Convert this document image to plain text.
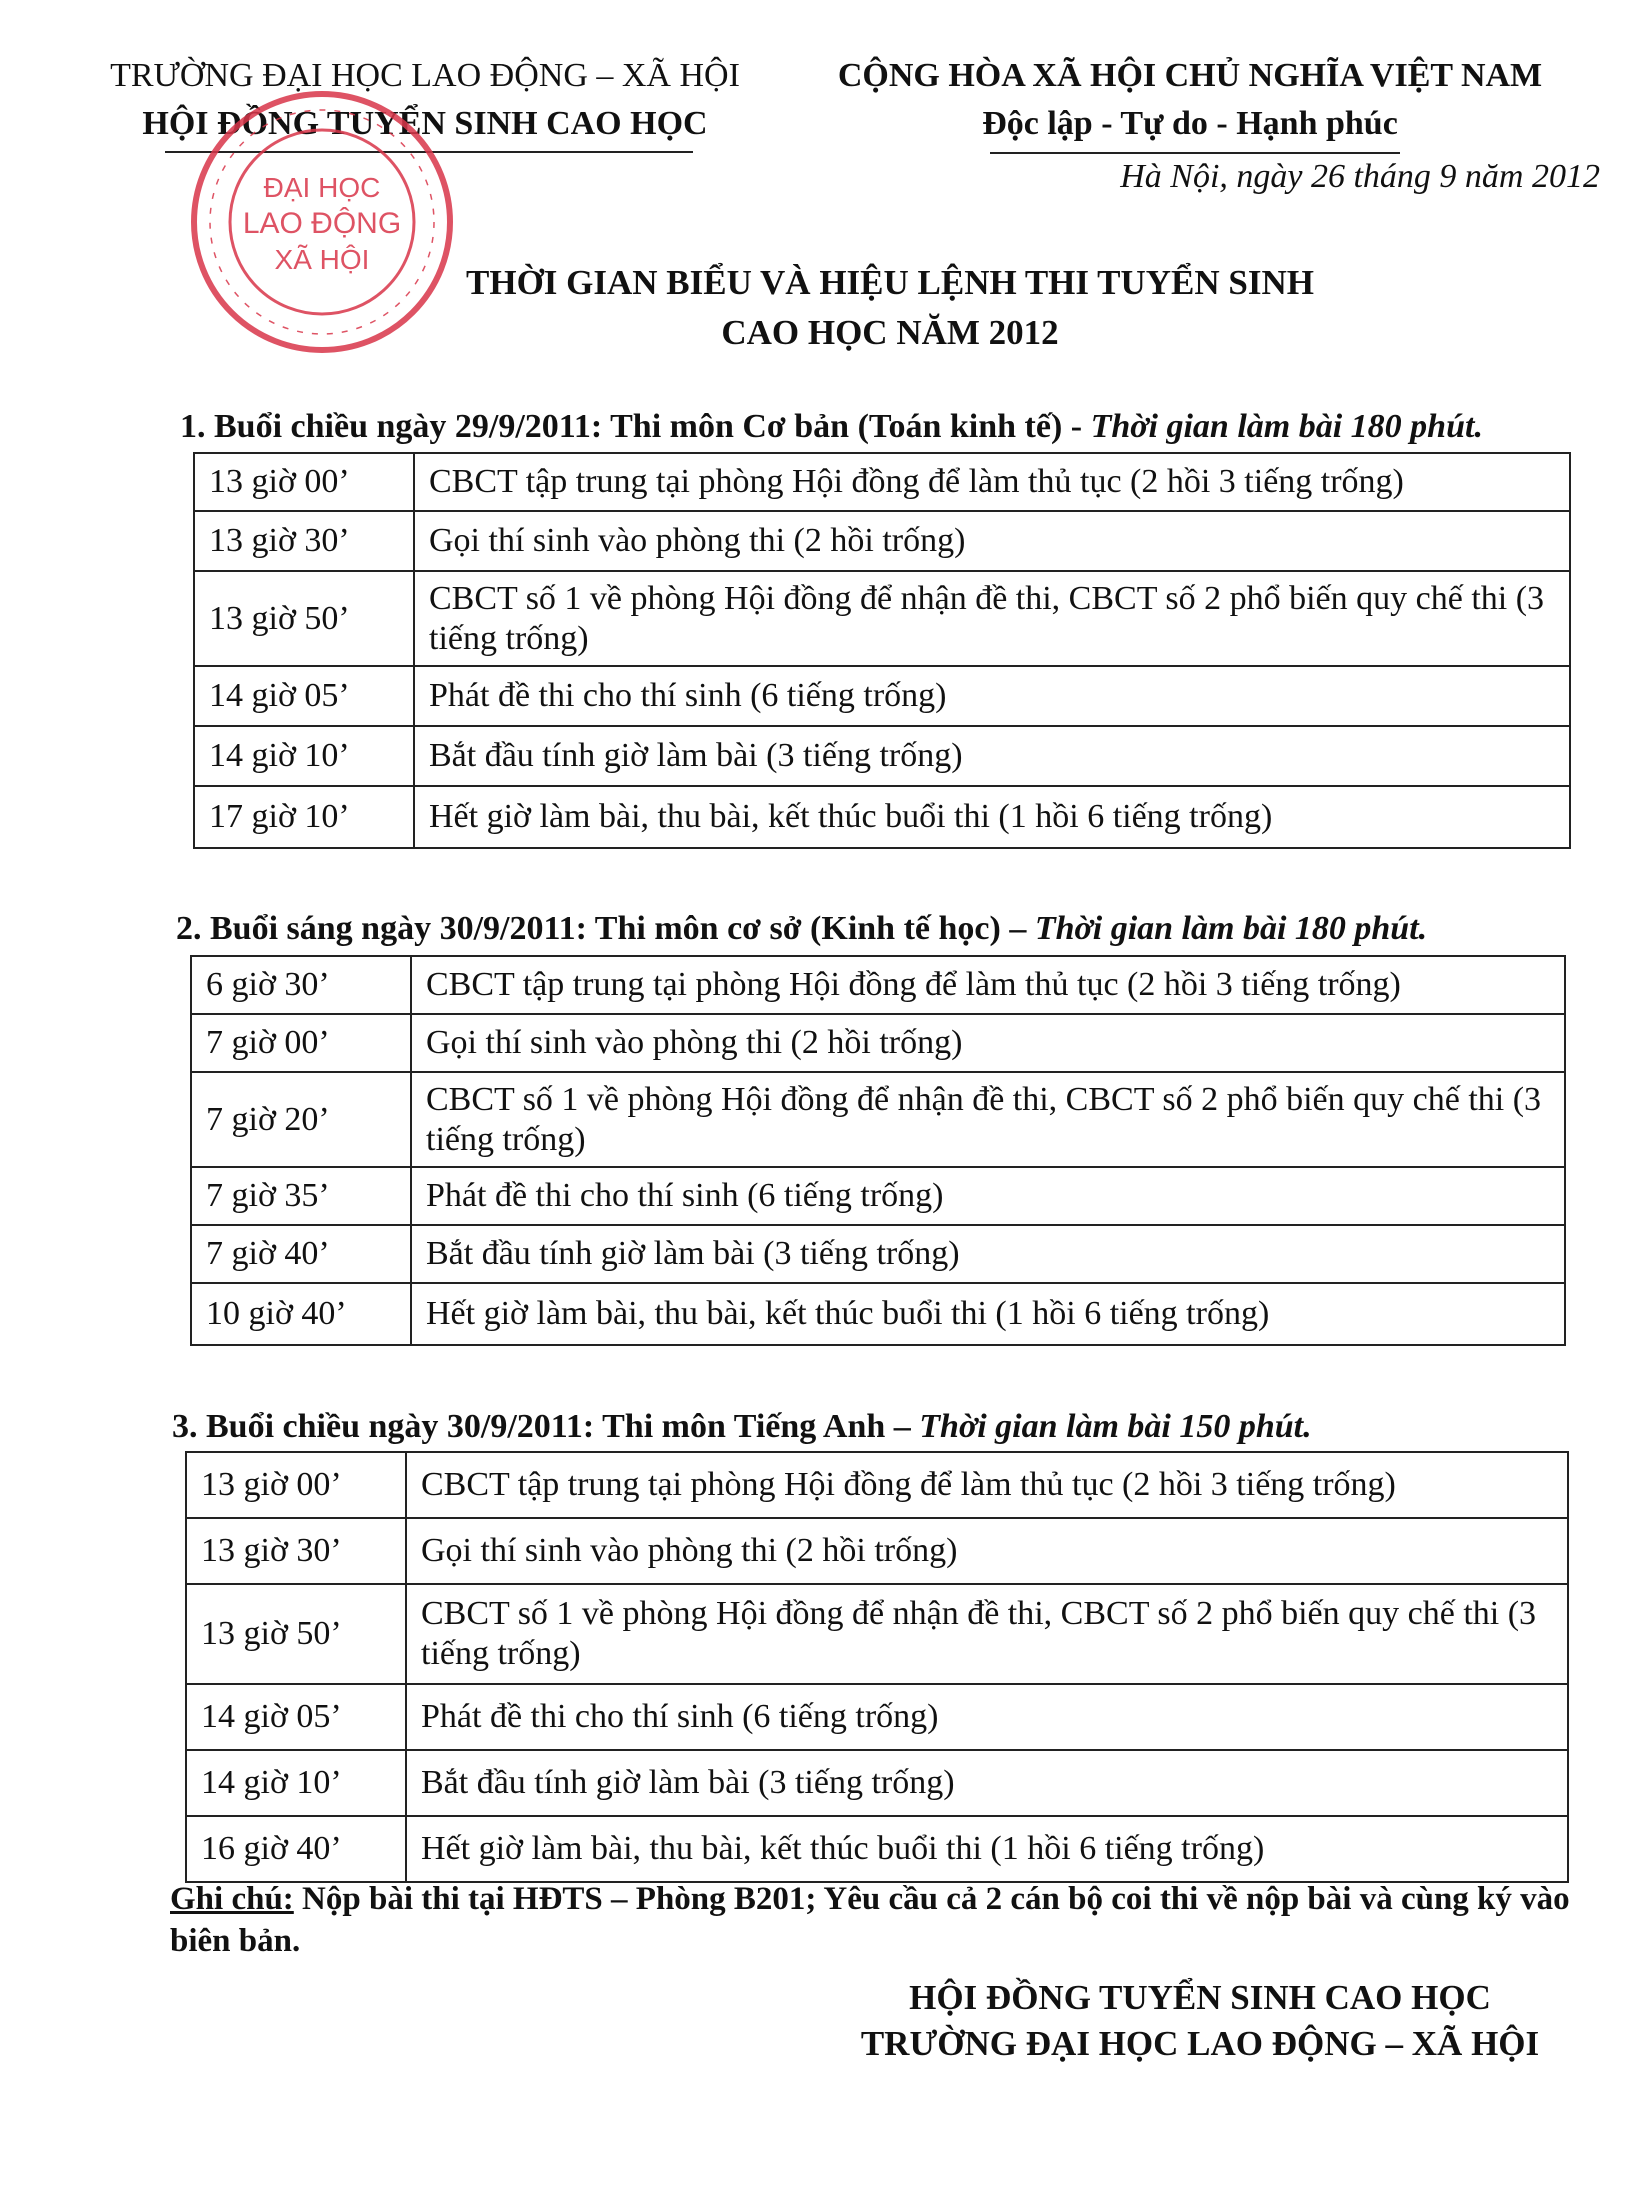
TRƯỜNG ĐẠI HỌC LAO ĐỘNG – XÃ HỘI
HỘI ĐỒNG TUYỂN SINH CAO HỌC
CỘNG HÒA XÃ HỘI CHỦ NGHĨA VIỆT NAM
Độc lập - Tự do - Hạnh phúc
Hà Nội, ngày 26 tháng 9 năm 2012
ĐẠI HỌC
LAO ĐỘNG
XÃ HỘI
THỜI GIAN BIỂU VÀ HIỆU LỆNH THI TUYỂN SINH
CAO HỌC NĂM 2012
1. Buổi chiều ngày 29/9/2011: Thi môn Cơ bản (Toán kinh tế) - Thời gian làm bài 180 phút.
13 giờ 00’	CBCT tập trung tại phòng Hội đồng để làm thủ tục (2 hồi 3 tiếng trống)
13 giờ 30’	Gọi thí sinh vào phòng thi (2 hồi trống)
13 giờ 50’	CBCT số 1 về phòng Hội đồng để nhận đề thi, CBCT số 2 phổ biến quy chế thi (3 tiếng trống)
14 giờ 05’	Phát đề thi cho thí sinh (6 tiếng trống)
14 giờ 10’	Bắt đầu tính giờ làm bài (3 tiếng trống)
17 giờ 10’	Hết giờ làm bài, thu bài, kết thúc buổi thi (1 hồi 6 tiếng trống)
2. Buổi sáng ngày 30/9/2011: Thi môn cơ sở (Kinh tế học) – Thời gian làm bài 180 phút.
6 giờ 30’	CBCT tập trung tại phòng Hội đồng để làm thủ tục (2 hồi 3 tiếng trống)
7 giờ 00’	Gọi thí sinh vào phòng thi (2 hồi trống)
7 giờ 20’	CBCT số 1 về phòng Hội đồng để nhận đề thi, CBCT số 2 phổ biến quy chế thi (3 tiếng trống)
7 giờ 35’	Phát đề thi cho thí sinh (6 tiếng trống)
7 giờ 40’	Bắt đầu tính giờ làm bài (3 tiếng trống)
10 giờ 40’	Hết giờ làm bài, thu bài, kết thúc buổi thi (1 hồi 6 tiếng trống)
3. Buổi chiều ngày 30/9/2011: Thi môn Tiếng Anh – Thời gian làm bài 150 phút.
13 giờ 00’	CBCT tập trung tại phòng Hội đồng để làm thủ tục (2 hồi 3 tiếng trống)
13 giờ 30’	Gọi thí sinh vào phòng thi (2 hồi trống)
13 giờ 50’	CBCT số 1 về phòng Hội đồng để nhận đề thi, CBCT số 2 phổ biến quy chế thi (3 tiếng trống)
14 giờ 05’	Phát đề thi cho thí sinh (6 tiếng trống)
14 giờ 10’	Bắt đầu tính giờ làm bài (3 tiếng trống)
16 giờ 40’	Hết giờ làm bài, thu bài, kết thúc buổi thi (1 hồi 6 tiếng trống)
Ghi chú: Nộp bài thi tại HĐTS – Phòng B201; Yêu cầu cả 2 cán bộ coi thi về nộp bài và cùng ký vào biên bản.
HỘI ĐỒNG TUYỂN SINH CAO HỌC
TRƯỜNG ĐẠI HỌC LAO ĐỘNG – XÃ HỘI
